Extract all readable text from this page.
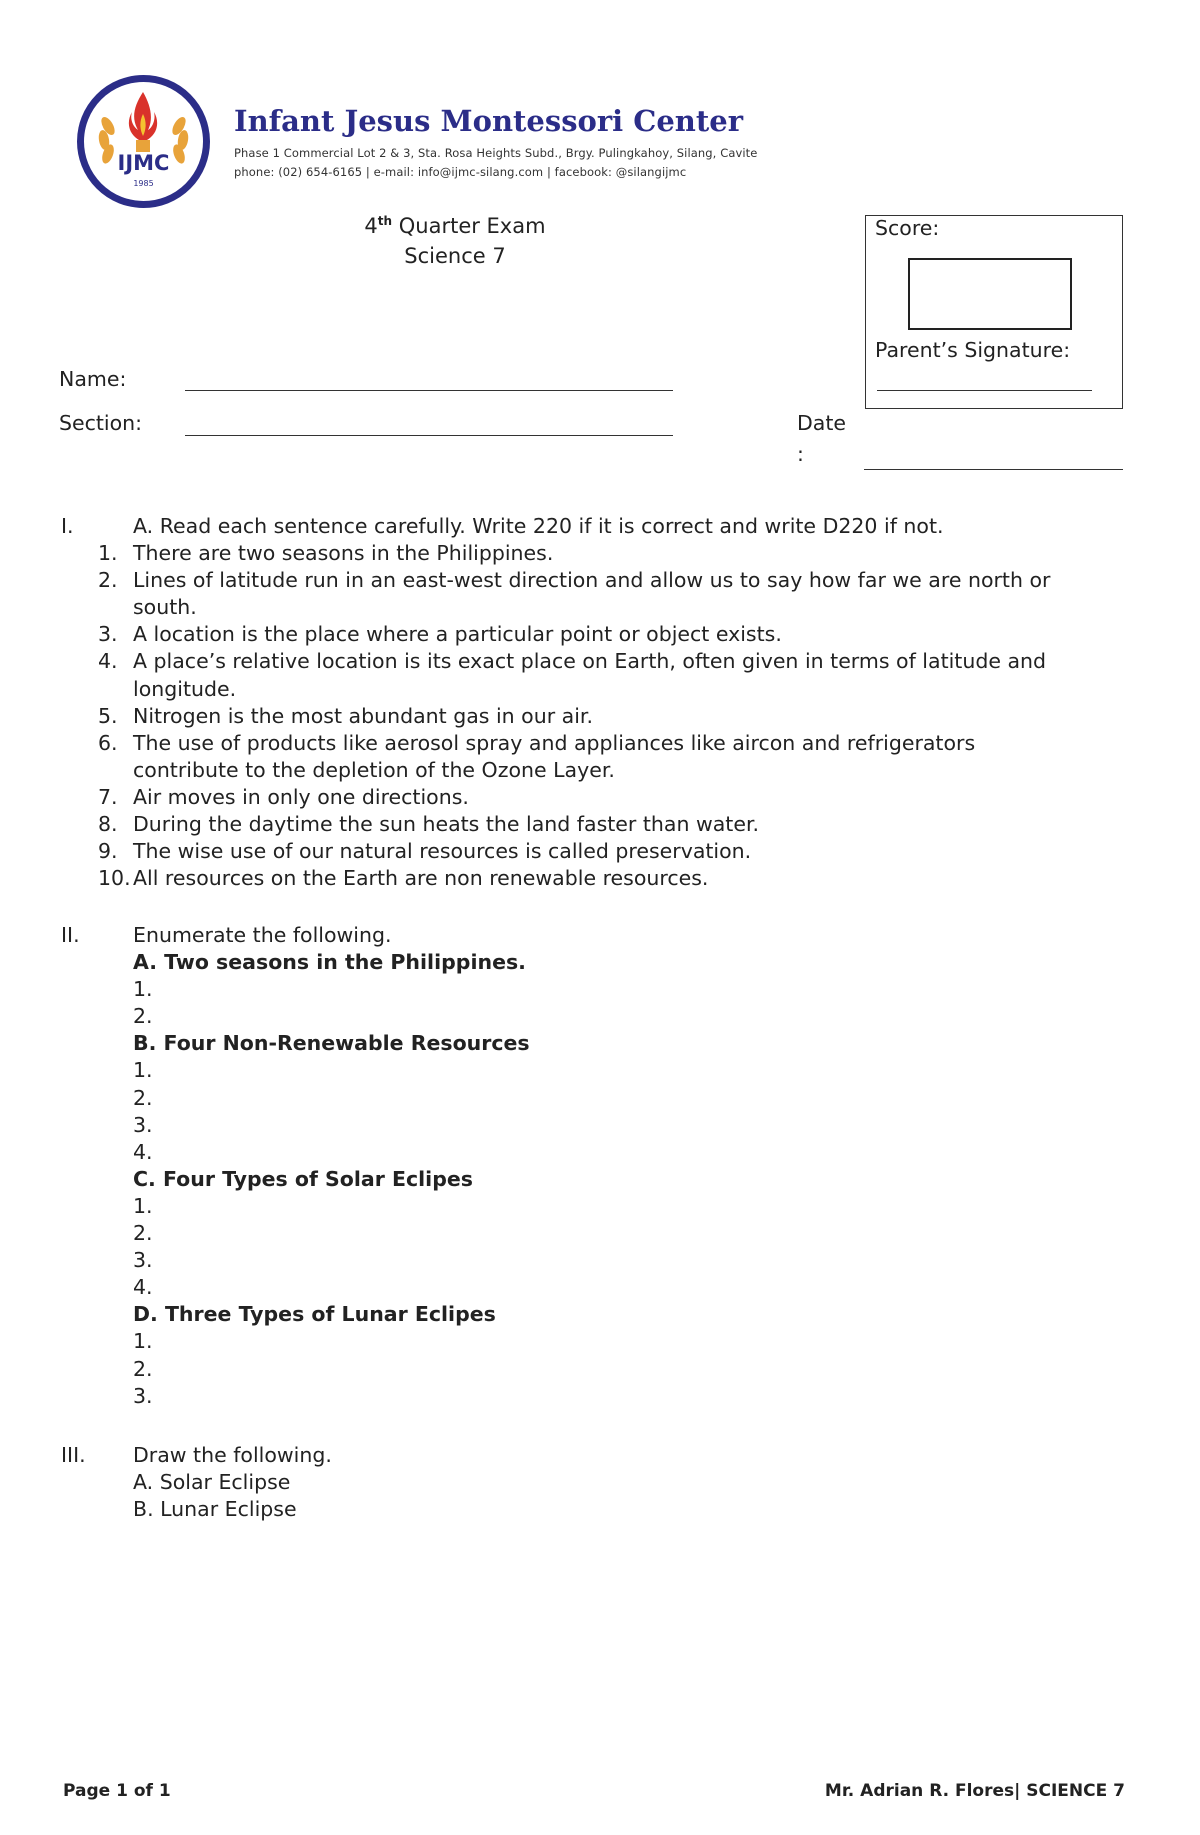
IJMC
1985
Infant Jesus Montessori Center
Phase 1 Commercial Lot 2 & 3, Sta. Rosa Heights Subd., Brgy. Pulingkahoy, Silang, Cavite
phone: (02) 654-6165 | e-mail: info@ijmc-silang.com | facebook: @silangijmc
4th Quarter Exam
Science 7
Score:
Parent’s Signature:
Name:
Section:	Date
:
I.	A. Read each sentence carefully. Write 220 if it is correct and write D220 if not.
1. There are two seasons in the Philippines.
2. Lines of latitude run in an east-west direction and allow us to say how far we are north or
south.
3. A location is the place where a particular point or object exists.
4. A place’s relative location is its exact place on Earth, often given in terms of latitude and
longitude.
5. Nitrogen is the most abundant gas in our air.
6. The use of products like aerosol spray and appliances like aircon and refrigerators
contribute to the depletion of the Ozone Layer.
7. Air moves in only one directions.
8. During the daytime the sun heats the land faster than water.
9. The wise use of our natural resources is called preservation.
10. All resources on the Earth are non renewable resources.
II.	Enumerate the following.
A. Two seasons in the Philippines.
1.
2.
B. Four Non-Renewable Resources
1.
2.
3.
4.
C. Four Types of Solar Eclipes
1.
2.
3.
4.
D. Three Types of Lunar Eclipes
1.
2.
3.
III. Draw the following.
A. Solar Eclipse
B. Lunar Eclipse
Page 1 of 1	Mr. Adrian R. Flores| SCIENCE 7
